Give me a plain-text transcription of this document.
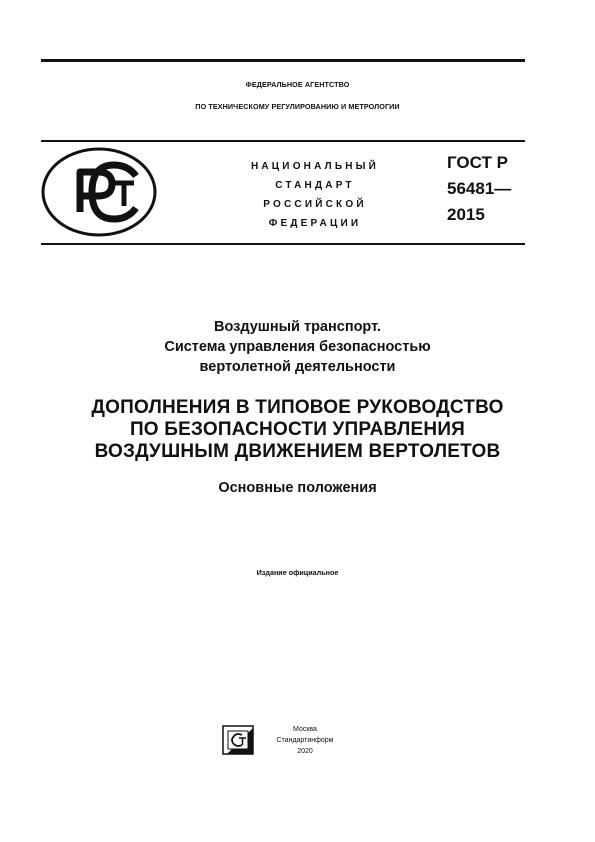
ФЕДЕРАЛЬНОЕ АГЕНТСТВО
ПО ТЕХНИЧЕСКОМУ РЕГУЛИРОВАНИЮ И МЕТРОЛОГИИ
НАЦИОНАЛЬНЫЙ
СТАНДАРТ
РОССИЙСКОЙ
ФЕДЕРАЦИИ
ГОСТ Р
56481—
2015
Воздушный транспорт.
Система управления безопасностью
вертолетной деятельности
ДОПОЛНЕНИЯ В ТИПОВОЕ РУКОВОДСТВО
ПО БЕЗОПАСНОСТИ УПРАВЛЕНИЯ
ВОЗДУШНЫМ ДВИЖЕНИЕМ ВЕРТОЛЕТОВ
Основные положения
Издание официальное
Москва
Стандартинформ
2020
